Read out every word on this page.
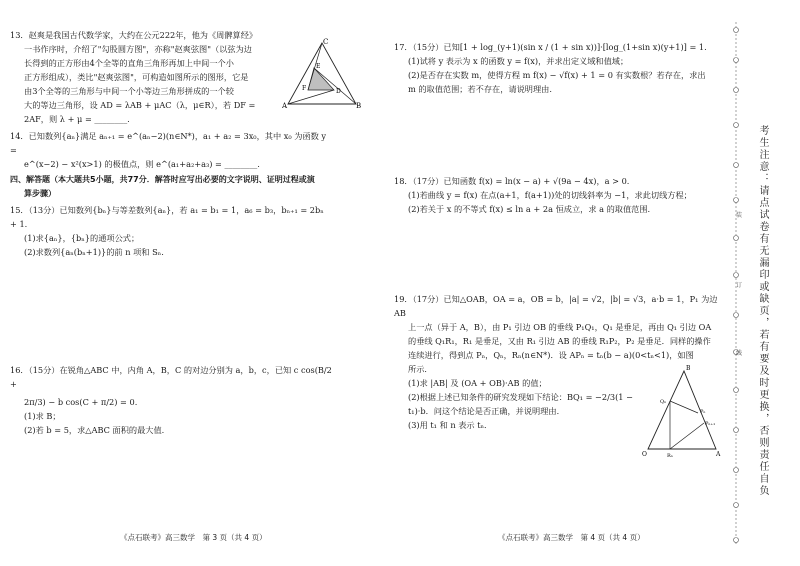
13．赵爽是我国古代数学家，大约在公元222年，他为《周髀算经》

一书作序时，介绍了"勾股圆方图"，亦称"赵爽弦图"（以弦为边

长得到的正方形由4个全等的直角三角形再加上中间一个小

正方形组成），类比"赵爽弦图"，可构造如图所示的图形，它是

由3个全等的三角形与中间一个小等边三角形拼成的一个较

大的等边三角形，设 AD = λAB + μAC（λ，μ∈R），若 DF =

2AF，则 λ + μ = ________.

14．已知数列{aₙ}满足 aₙ₊₁ = e^(aₙ−2)(n∈N*)，a₁ + a₂ = 3x₀，其中 x₀ 为函数 y =

e^(x−2) − x²(x>1) 的极值点，则 e^(a₁+a₂+a₃) = ________.

四、解答题（本大题共5小题，共77分．解答时应写出必要的文字说明、证明过程或演

算步骤）

15．（13分）已知数列{bₙ}与等差数列{aₙ}，若 a₁ = b₁ = 1，a₆ = b₃，bₙ₊₁ = 2bₙ + 1.

(1)求{aₙ}，{bₙ}的通项公式；

(2)求数列{aₙ(bₙ+1)}的前 n 项和 Sₙ.

16．（15分）在锐角△ABC 中，内角 A，B，C 的对边分别为 a，b，c，已知 c cos(B/2 +

2π/3) − b cos(C + π/2) = 0.

(1)求 B；

(2)若 b = 5，求△ABC 面积的最大值.

C
A	B
D
E
F
《点石联考》高三数学　第 3 页（共 4 页）

17．（15分）已知[1 + log_(y+1)(sin x / (1 + sin x))]·[log_(1+sin x)(y+1)] = 1.

(1)试将 y 表示为 x 的函数 y = f(x)，并求出定义域和值域；

(2)是否存在实数 m，使得方程 m f(x) − √f(x) + 1 = 0 有实数根？若存在，求出

m 的取值范围；若不存在，请说明理由.

18．（17分）已知函数 f(x) = ln(x − a) + √(9a − 4x)，a > 0.

(1)若曲线 y = f(x) 在点(a+1，f(a+1))处的切线斜率为 −1，求此切线方程；

(2)若关于 x 的不等式 f(x) ≤ ln a + 2a 恒成立，求 a 的取值范围.

19．（17分）已知△OAB，OA = a，OB = b，|a| = √2，|b| = √3，a·b = 1，P₁ 为边 AB

上一点（异于 A，B），由 P₁ 引边 OB 的垂线 P₁Q₁，Q₁ 是垂足，再由 Q₁ 引边 OA

的垂线 Q₁R₁，R₁ 是垂足，又由 R₁ 引边 AB 的垂线 R₁P₂，P₂ 是垂足．同样的操作

连续进行，得到点 Pₙ，Qₙ，Rₙ(n∈N*)．设 APₙ = tₙ(b − a)(0<tₙ<1)，如图

所示．

(1)求 |AB| 及 (OA + OB)·AB 的值；

(2)根据上述已知条件的研究发现如下结论：BQ₁ = −2/3(1 −

t₁)·b．问这个结论是否正确，并说明理由．

(3)用 t₁ 和 n 表示 tₙ．

B
O	A
Qₙ
Pₙ
Pₙ₊₁
Rₙ
《点石联考》高三数学　第 4 页（共 4 页）
装
订
线 考生注意：请点试卷有无漏印或缺页，若有要及时更换，否则责任自负
